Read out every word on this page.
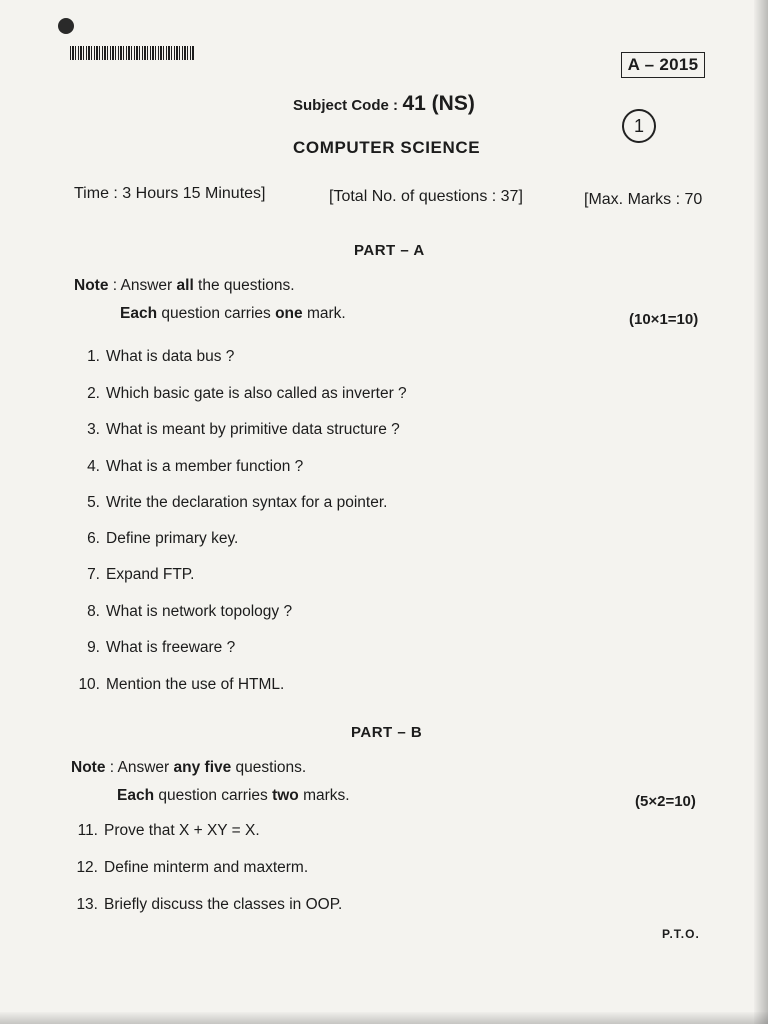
A – 2015
1
Subject Code : 41 (NS)
COMPUTER SCIENCE
Time : 3 Hours 15 Minutes]	[Total No. of questions : 37]	[Max. Marks : 70
PART – A
Note : Answer all the questions.
Each question carries one mark.	(10×1=10)
1. What is data bus ?
2. Which basic gate is also called as inverter ?
3. What is meant by primitive data structure ?
4. What is a member function ?
5. Write the declaration syntax for a pointer.
6. Define primary key.
7. Expand FTP.
8. What is network topology ?
9. What is freeware ?
10. Mention the use of HTML.
PART – B
Note : Answer any five questions.
Each question carries two marks.	(5×2=10)
11. Prove that X + XY = X.
12. Define minterm and maxterm.
13. Briefly discuss the classes in OOP.
P.T.O.
